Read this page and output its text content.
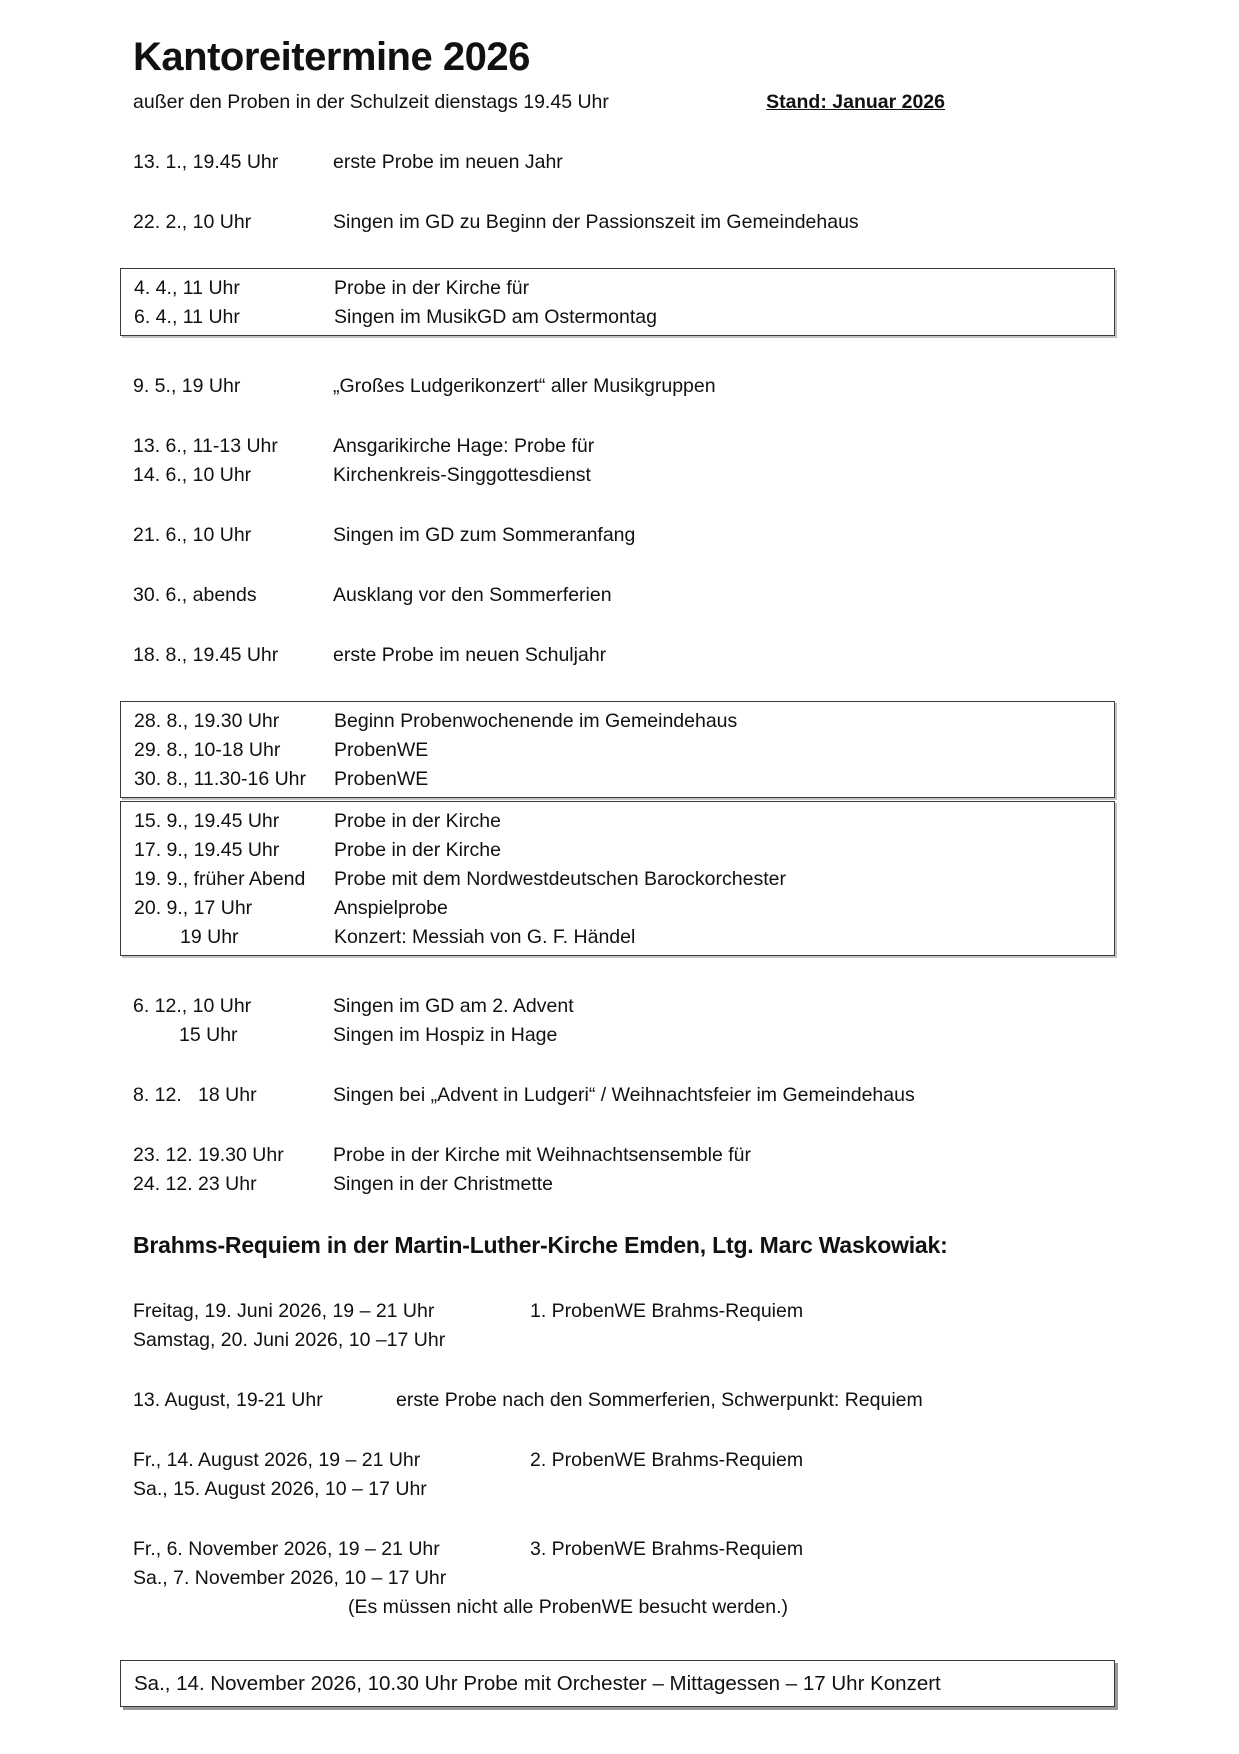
Kantoreitermine 2026
außer den Proben in der Schulzeit dienstags 19.45 Uhr	Stand: Januar 2026
13. 1., 19.45 Uhr	erste Probe im neuen Jahr
22. 2., 10 Uhr	Singen im GD zu Beginn der Passionszeit im Gemeindehaus
4. 4., 11 Uhr	Probe in der Kirche für
6. 4., 11 Uhr	Singen im MusikGD am Ostermontag
9. 5., 19 Uhr	„Großes Ludgerikonzert“ aller Musikgruppen
13. 6., 11-13 Uhr	Ansgarikirche Hage: Probe für
14. 6., 10 Uhr	Kirchenkreis-Singgottesdienst
21. 6., 10 Uhr	Singen im GD zum Sommeranfang
30. 6., abends	Ausklang vor den Sommerferien
18. 8., 19.45 Uhr	erste Probe im neuen Schuljahr
28. 8., 19.30 Uhr	Beginn Probenwochenende im Gemeindehaus
29. 8., 10-18 Uhr	ProbenWE
30. 8., 11.30-16 Uhr	ProbenWE
15. 9., 19.45 Uhr	Probe in der Kirche
17. 9., 19.45 Uhr	Probe in der Kirche
19. 9., früher Abend	Probe mit dem Nordwestdeutschen Barockorchester
20. 9., 17 Uhr	Anspielprobe
19 Uhr	Konzert: Messiah von G. F. Händel
6. 12., 10 Uhr	Singen im GD am 2. Advent
15 Uhr	Singen im Hospiz in Hage
8. 12.   18 Uhr	Singen bei „Advent in Ludgeri“ / Weihnachtsfeier im Gemeindehaus
23. 12. 19.30 Uhr	Probe in der Kirche mit Weihnachtsensemble für
24. 12. 23 Uhr	Singen in der Christmette
Brahms-Requiem in der Martin-Luther-Kirche Emden, Ltg. Marc Waskowiak:
Freitag, 19. Juni 2026, 19 – 21 Uhr	1. ProbenWE Brahms-Requiem
Samstag, 20. Juni 2026, 10 –17 Uhr
13. August, 19-21 Uhr	erste Probe nach den Sommerferien, Schwerpunkt: Requiem
Fr., 14. August 2026, 19 – 21 Uhr	2. ProbenWE Brahms-Requiem
Sa., 15. August 2026, 10 – 17 Uhr
Fr., 6. November 2026, 19 – 21 Uhr	3. ProbenWE Brahms-Requiem
Sa., 7. November 2026, 10 – 17 Uhr
(Es müssen nicht alle ProbenWE besucht werden.)
Sa., 14. November 2026, 10.30 Uhr Probe mit Orchester – Mittagessen – 17 Uhr Konzert
